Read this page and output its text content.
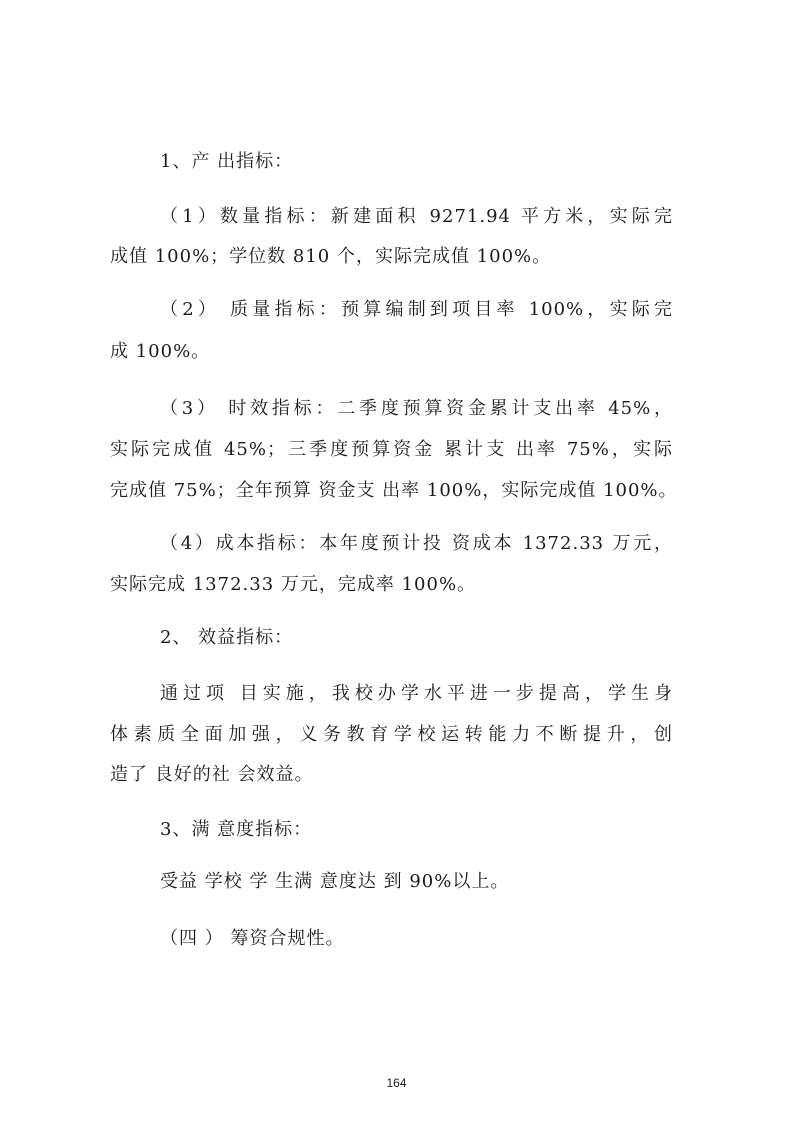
1、产 出指标：
（1）数量指标：新建面积 9271.94 平方米，实际完
成值 100%；学位数 810 个，实际完成值 100%。
（2） 质量指标：预算编制到项目率 100%，实际完
成 100%。
（3） 时效指标：二季度预算资金累计支出率 45%，
实际完成值 45%；三季度预算资金 累计支 出率 75%，实际
完成值 75%；全年预算 资金支 出率 100%，实际完成值 100%。
（4）成本指标：本年度预计投 资成本 1372.33 万元，
实际完成 1372.33 万元，完成率 100%。
2、 效益指标：
通过项 目实施，我校办学水平进一步提高，学生身
体素质全面加强，义务教育学校运转能力不断提升，创
造了 良好的社 会效益。
3、满 意度指标：
受益 学校 学 生满 意度达 到 90%以上。
（四 ） 筹资合规性。
164
